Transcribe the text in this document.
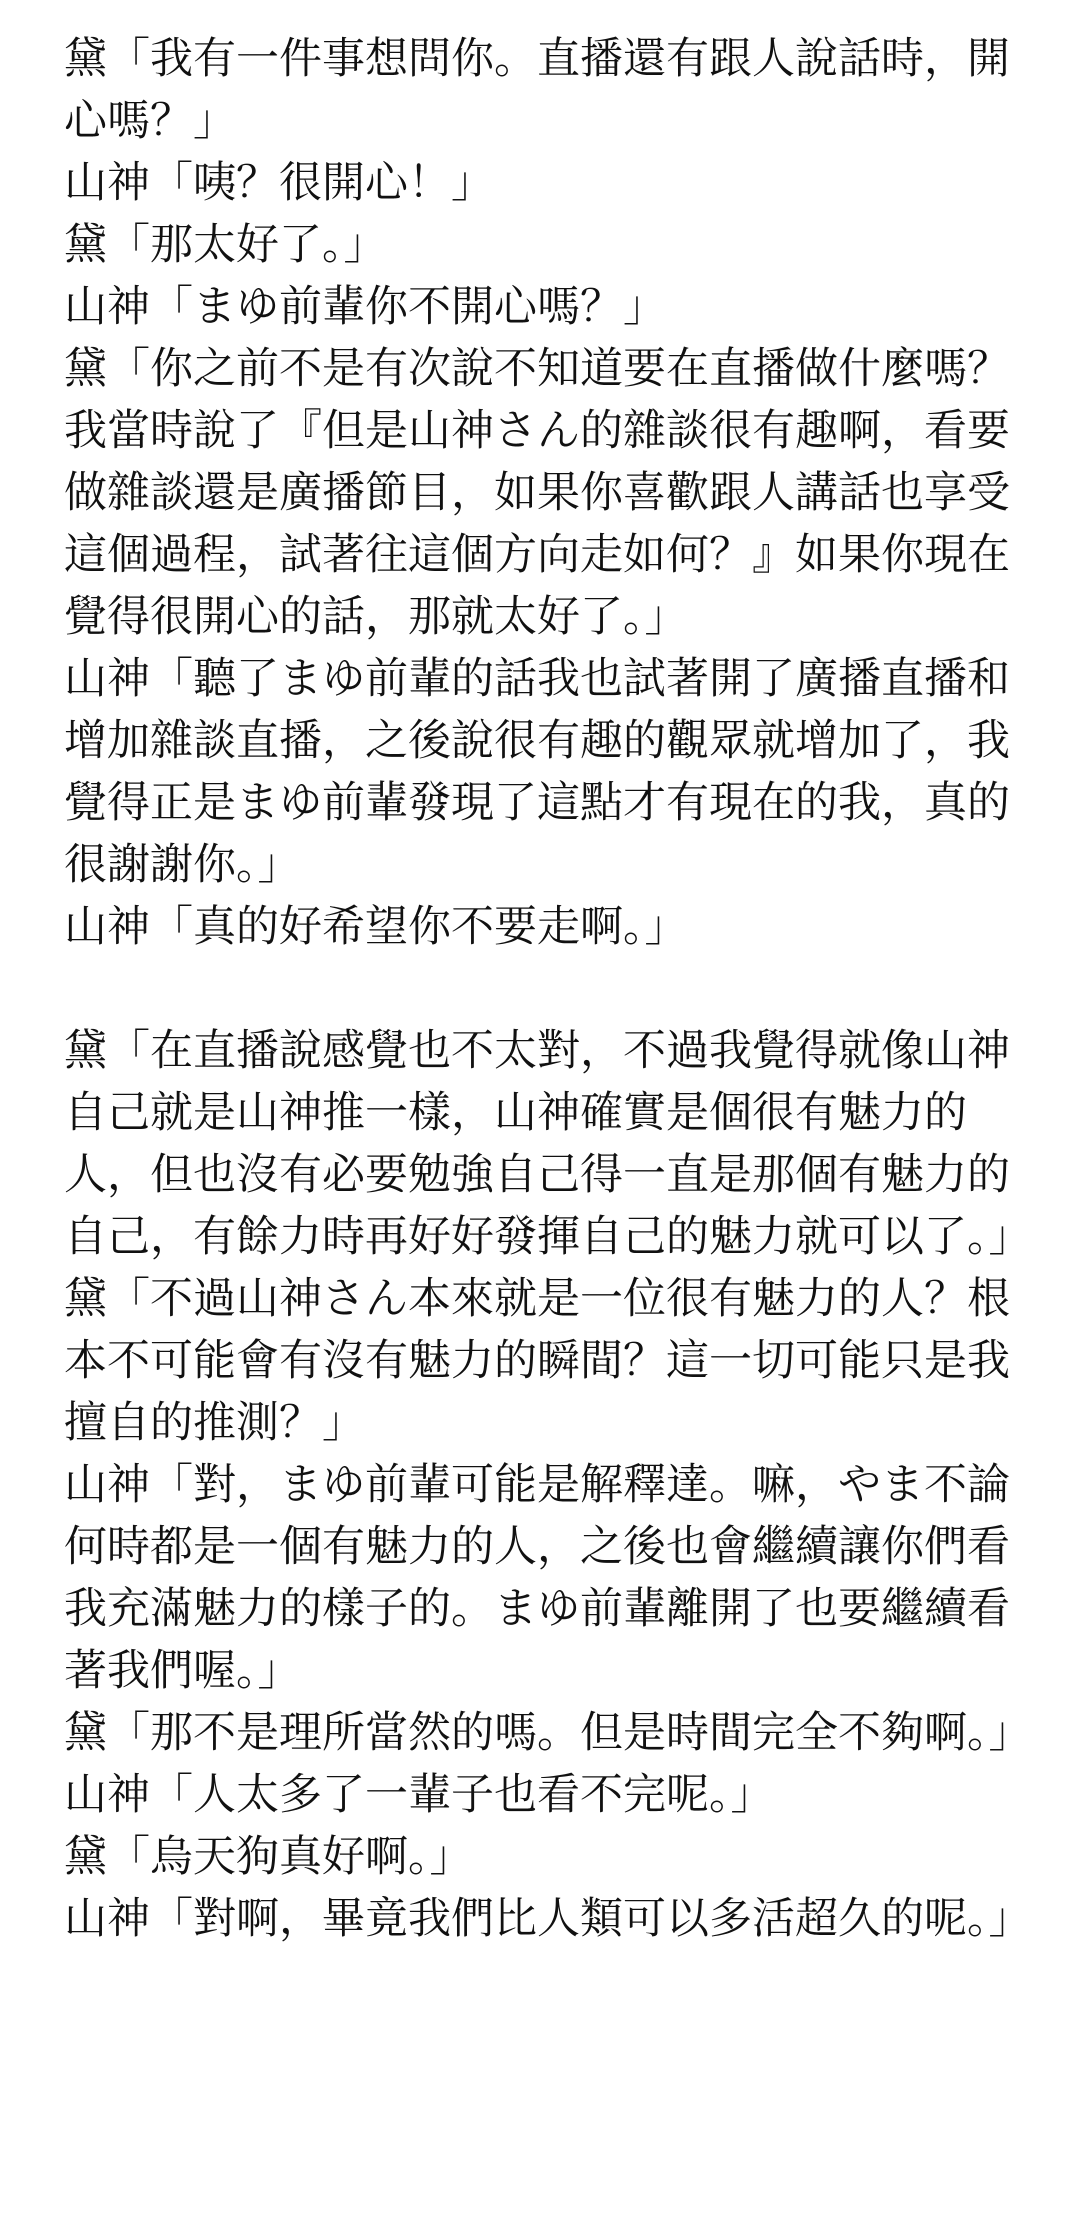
黛「我有一件事想問你。直播還有跟人說話時，開心嗎？」

山神「咦？很開心！」

黛「那太好了。」

山神「まゆ前輩你不開心嗎？」

黛「你之前不是有次說不知道要在直播做什麼嗎？我當時說了『但是山神さん的雜談很有趣啊，看要做雜談還是廣播節目，如果你喜歡跟人講話也享受這個過程，試著往這個方向走如何？』如果你現在覺得很開心的話，那就太好了。」

山神「聽了まゆ前輩的話我也試著開了廣播直播和增加雜談直播，之後說很有趣的觀眾就增加了，我覺得正是まゆ前輩發現了這點才有現在的我，真的很謝謝你。」

山神「真的好希望你不要走啊。」

黛「在直播說感覺也不太對，不過我覺得就像山神自己就是山神推一樣，山神確實是個很有魅力的人，但也沒有必要勉強自己得一直是那個有魅力的自己，有餘力時再好好發揮自己的魅力就可以了。」

黛「不過山神さん本來就是一位很有魅力的人？根本不可能會有沒有魅力的瞬間？這一切可能只是我擅自的推測？」

山神「對，まゆ前輩可能是解釋達。嘛，やま不論何時都是一個有魅力的人，之後也會繼續讓你們看我充滿魅力的樣子的。まゆ前輩離開了也要繼續看著我們喔。」

黛「那不是理所當然的嗎。但是時間完全不夠啊。」

山神「人太多了一輩子也看不完呢。」

黛「烏天狗真好啊。」

山神「對啊，畢竟我們比人類可以多活超久的呢。」
